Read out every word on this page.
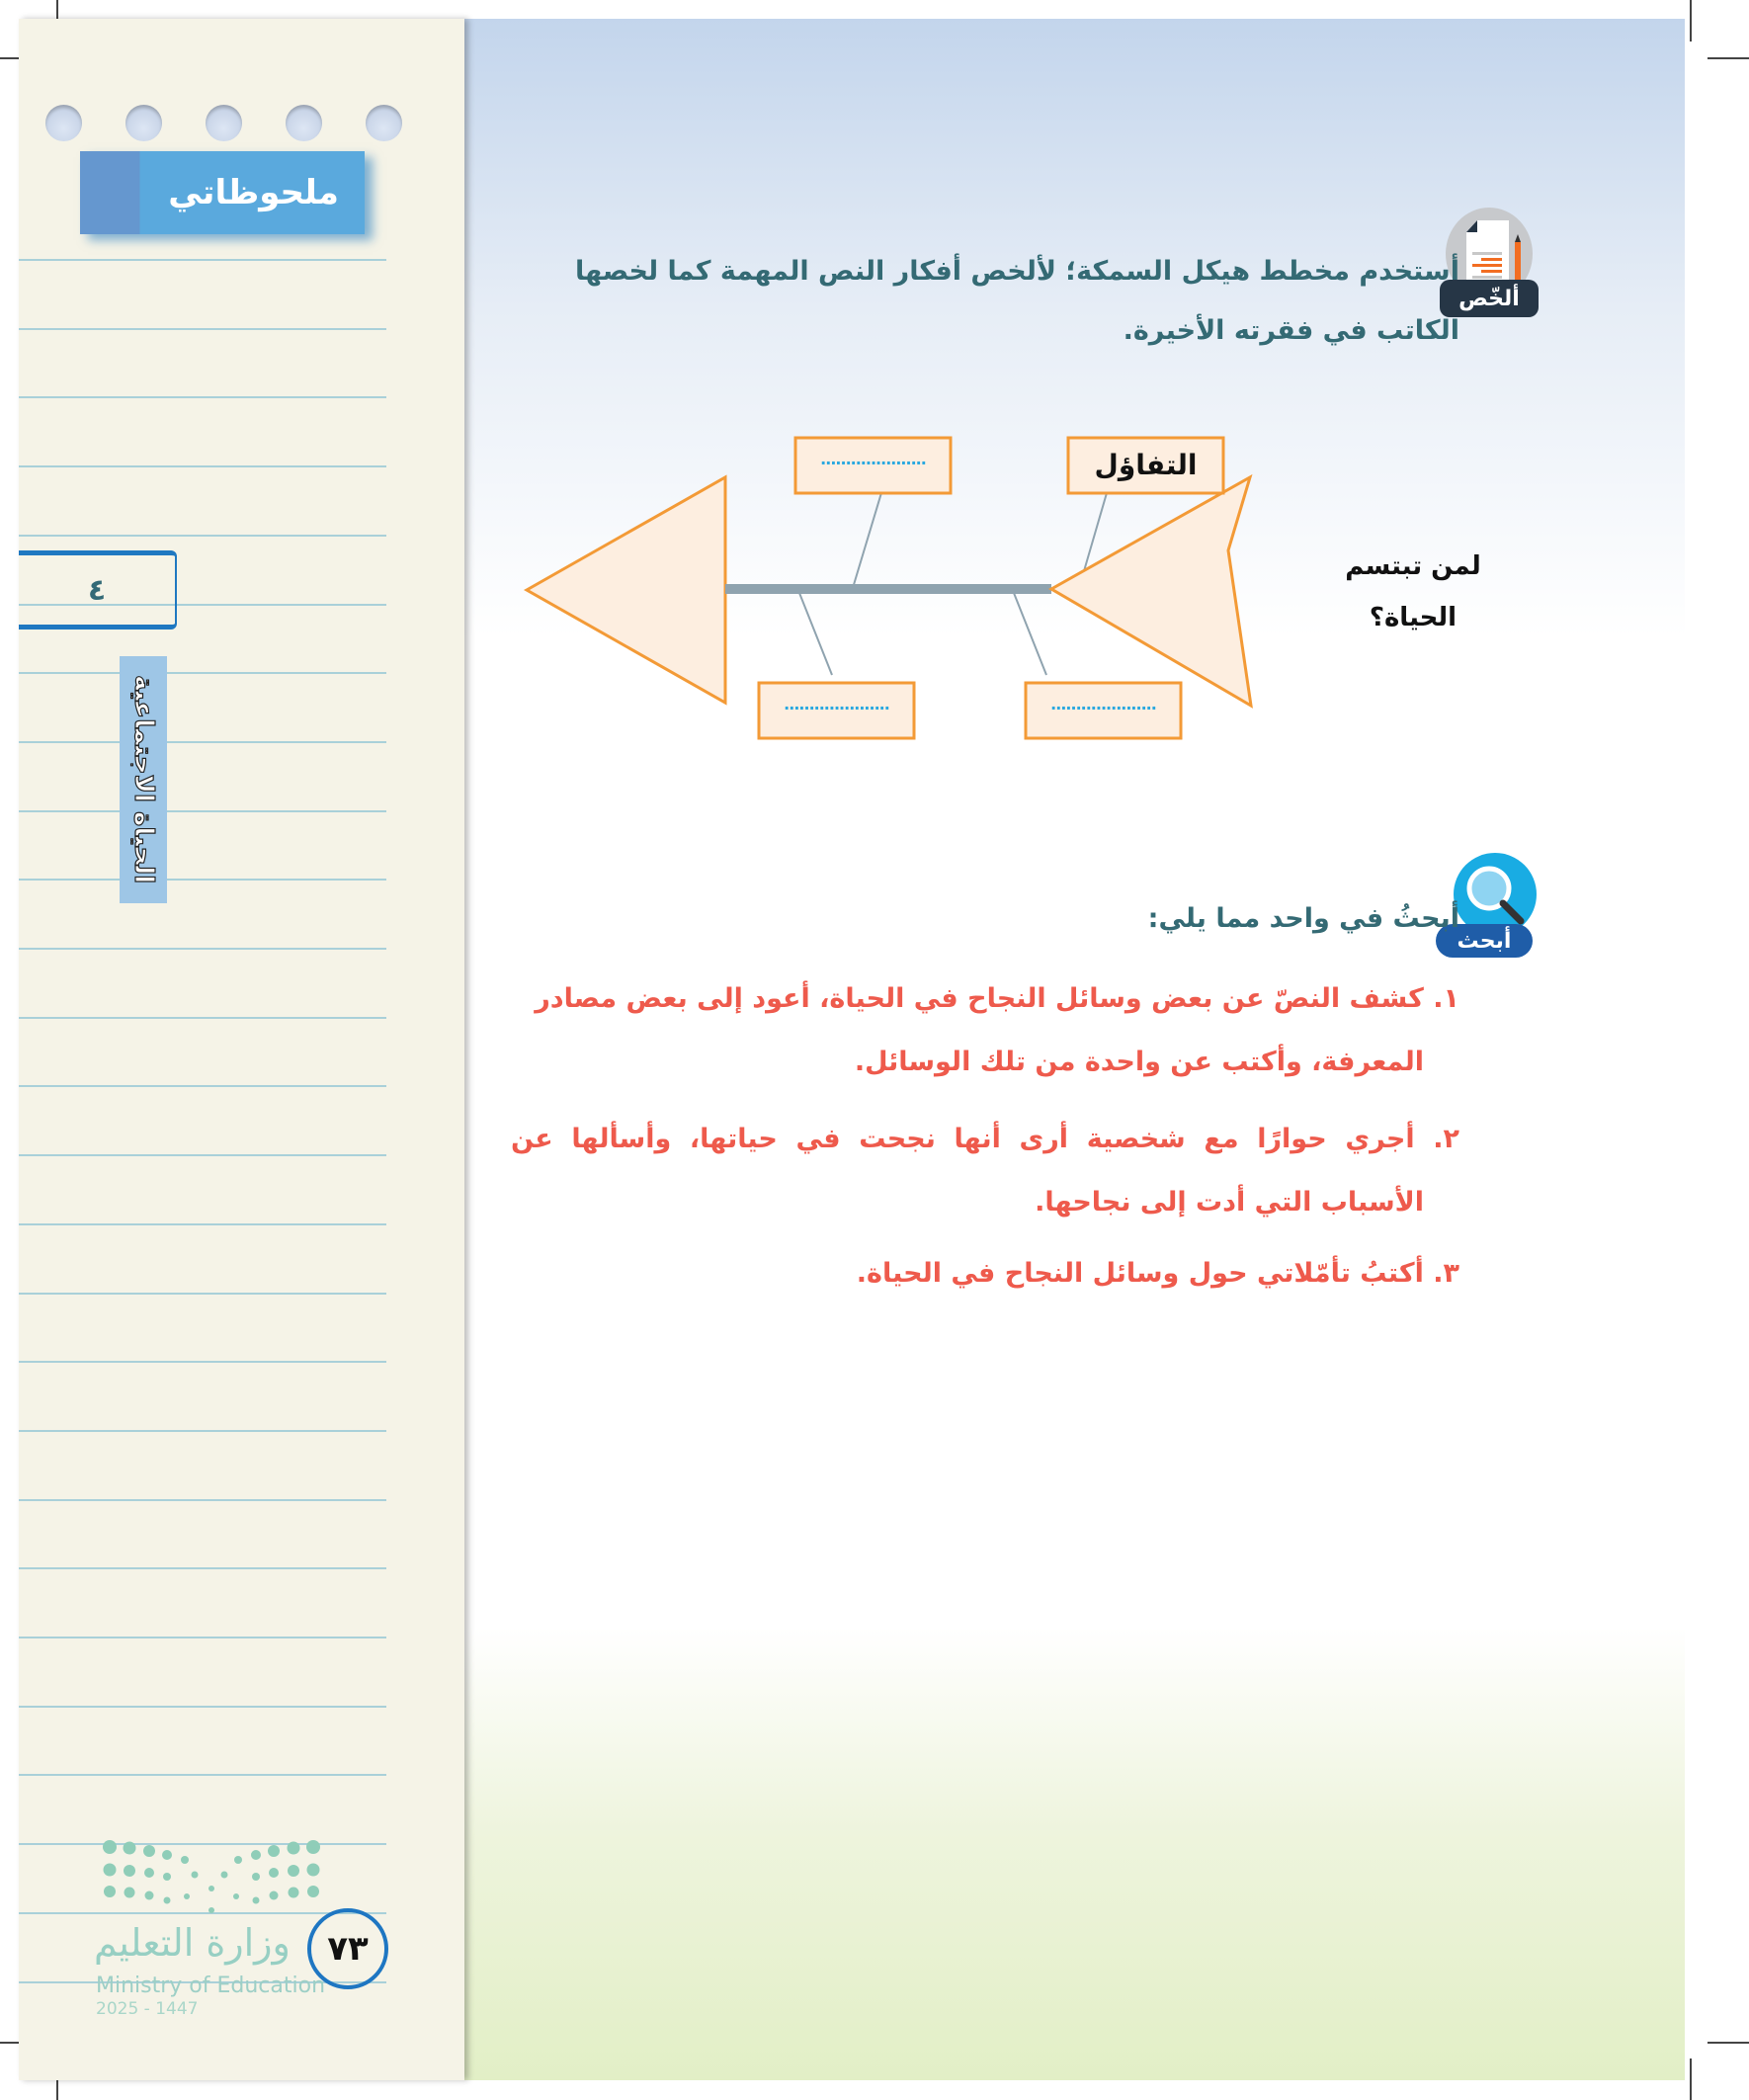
ملحوظاتي
٤
الحياة الاجتماعية
وزارة التعليم
Ministry of Education
2025 - 1447
٧٣
ألخّص
أستخدم مخطط هيكل السمكة؛ لألخص أفكار النص المهمة كما لخصها
الكاتب في فقرته الأخيرة.
التفاؤل
.....................
.....................
.....................
لمن تبتسم
الحياة؟
أبحث
أبحثُ في واحد مما يلي:
١. كشف النصّ عن بعض وسائل النجاح في الحياة، أعود إلى بعض مصادر
المعرفة، وأكتب عن واحدة من تلك الوسائل.
٢. أجري حوارًا مع شخصية أرى أنها نجحت في حياتها، وأسألها عن
الأسباب التي أدت إلى نجاحها.
٣. أكتبُ تأمّلاتي حول وسائل النجاح في الحياة.
